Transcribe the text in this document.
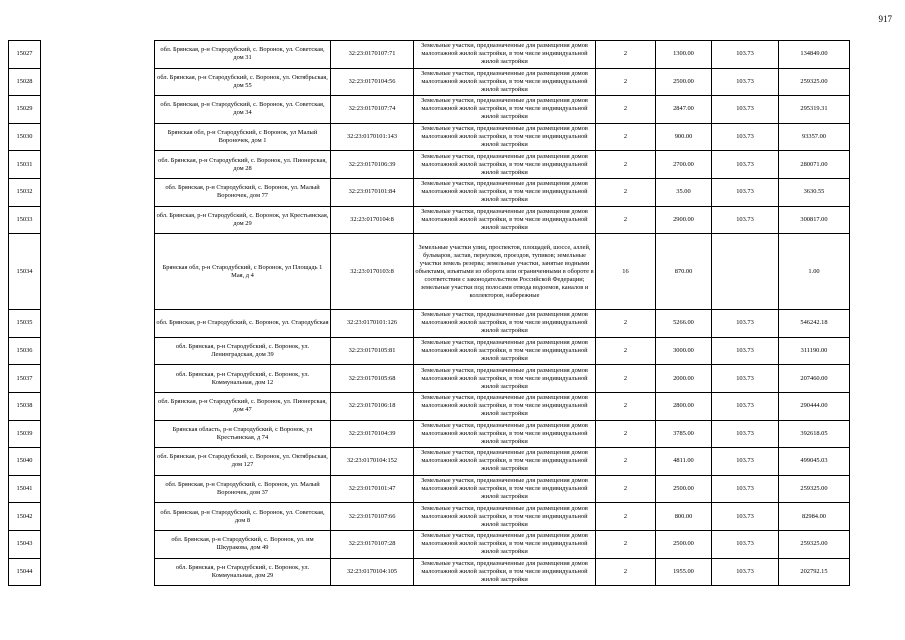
917
15027		обл. Брянская, р-н Стародубский, с. Воронок, ул. Советская, дом 31	32:23:0170107:71	Земельные участки, предназначенные для размещения домов малоэтажной жилой застройки, в том числе индивидуальной жилой застройки	2	1300.00	103.73	134849.00
15028		обл. Брянская, р-н Стародубский, с. Воронок, ул. Октябрьская, дом 55	32:23:0170104:56	Земельные участки, предназначенные для размещения домов малоэтажной жилой застройки, в том числе индивидуальной жилой застройки	2	2500.00	103.73	259325.00
15029		обл. Брянская, р-н Стародубский, с. Воронок, ул. Советская, дом 34	32:23:0170107:74	Земельные участки, предназначенные для размещения домов малоэтажной жилой застройки, в том числе индивидуальной жилой застройки	2	2847.00	103.73	295319.31
15030		Брянская обл, р-н Стародубский, с Воронок, ул Малый Вороночек, дом 1	32:23:0170101:143	Земельные участки, предназначенные для размещения домов малоэтажной жилой застройки, в том числе индивидуальной жилой застройки	2	900.00	103.73	93357.00
15031		обл. Брянская, р-н Стародубский, с. Воронок, ул. Пионерская, дом 28	32:23:0170106:39	Земельные участки, предназначенные для размещения домов малоэтажной жилой застройки, в том числе индивидуальной жилой застройки	2	2700.00	103.73	280071.00
15032		обл. Брянская, р-н Стародубский, с. Воронок, ул. Малый Вороночек, дом 77	32:23:0170101:84	Земельные участки, предназначенные для размещения домов малоэтажной жилой застройки, в том числе индивидуальной жилой застройки	2	35.00	103.73	3630.55
15033		обл. Брянская, р-н Стародубский, с. Воронок, ул Крестьянская, дом 29	32:23:0170104:8	Земельные участки, предназначенные для размещения домов малоэтажной жилой застройки, в том числе индивидуальной жилой застройки	2	2900.00	103.73	300817.00
15034		Брянская обл, р-н Стародубский, с Воронок, ул Площадь 1 Мая, д 4	32:23:0170103:8	Земельные участки улиц, проспектов, площадей, шоссе, аллей, бульваров, застав, переулков, проездов, тупиков; земельные участки земель резерва; земельные участки, занятые водными объектами, изъятыми из оборота или ограниченными в обороте в соответствии с законодательством Российской Федерации; земельные участки под полосами отвода водоемов, каналов и коллекторов, набережные	16	870.00		1.00
15035		обл. Брянская, р-н Стародубский, с. Воронок, ул. Стародубская	32:23:0170101:126	Земельные участки, предназначенные для размещения домов малоэтажной жилой застройки, в том числе индивидуальной жилой застройки	2	5266.00	103.73	546242.18
15036		обл. Брянская, р-н Стародубский, с. Воронок, ул. Ленинградская, дом 39	32:23:0170105:81	Земельные участки, предназначенные для размещения домов малоэтажной жилой застройки, в том числе индивидуальной жилой застройки	2	3000.00	103.73	311190.00
15037		обл. Брянская, р-н Стародубский, с. Воронок, ул. Коммунальная, дом 12	32:23:0170105:68	Земельные участки, предназначенные для размещения домов малоэтажной жилой застройки, в том числе индивидуальной жилой застройки	2	2000.00	103.73	207460.00
15038		обл. Брянская, р-н Стародубский, с. Воронок, ул. Пионерская, дом 47	32:23:0170106:18	Земельные участки, предназначенные для размещения домов малоэтажной жилой застройки, в том числе индивидуальной жилой застройки	2	2800.00	103.73	290444.00
15039		Брянская область, р-н Стародубский, с Воронок, ул Крестьянская, д 74	32:23:0170104:39	Земельные участки, предназначенные для размещения домов малоэтажной жилой застройки, в том числе индивидуальной жилой застройки	2	3785.00	103.73	392618.05
15040		обл. Брянская, р-н Стародубский, с. Воронок, ул. Октябрьская, дом 127	32:23:0170104:152	Земельные участки, предназначенные для размещения домов малоэтажной жилой застройки, в том числе индивидуальной жилой застройки	2	4811.00	103.73	499045.03
15041		обл. Брянская, р-н Стародубский, с. Воронок, ул. Малый Вороночек, дом 37	32:23:0170101:47	Земельные участки, предназначенные для размещения домов малоэтажной жилой застройки, в том числе индивидуальной жилой застройки	2	2500.00	103.73	259325.00
15042		обл. Брянская, р-н Стародубский, с. Воронок, ул. Советская, дом 8	32:23:0170107:66	Земельные участки, предназначенные для размещения домов малоэтажной жилой застройки, в том числе индивидуальной жилой застройки	2	800.00	103.73	82984.00
15043		обл. Брянская, р-н Стародубский, с. Воронок, ул. им Шкуракова, дом 49	32:23:0170107:28	Земельные участки, предназначенные для размещения домов малоэтажной жилой застройки, в том числе индивидуальной жилой застройки	2	2500.00	103.73	259325.00
15044		обл. Брянская, р-н Стародубский, с. Воронок, ул. Коммунальная, дом 29	32:23:0170104:105	Земельные участки, предназначенные для размещения домов малоэтажной жилой застройки, в том числе индивидуальной жилой застройки	2	1955.00	103.73	202792.15
